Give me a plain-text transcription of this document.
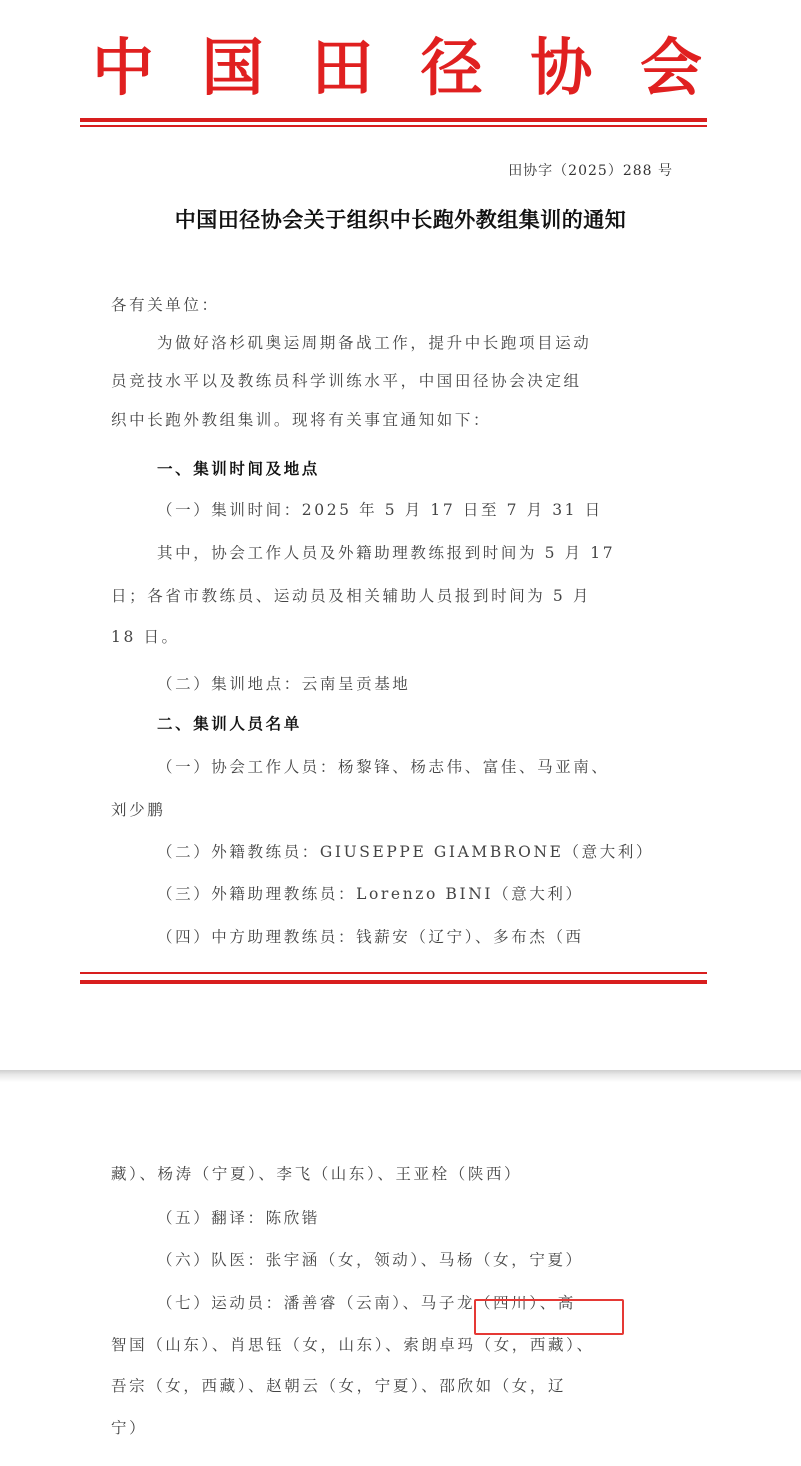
中 国 田 径 协 会
田协字（2025）288 号
中国田径协会关于组织中长跑外教组集训的通知
各有关单位：
为做好洛杉矶奥运周期备战工作，提升中长跑项目运动
员竞技水平以及教练员科学训练水平，中国田径协会决定组
织中长跑外教组集训。现将有关事宜通知如下：
一、集训时间及地点
（一）集训时间：2025 年 5 月 17 日至 7 月 31 日
其中，协会工作人员及外籍助理教练报到时间为 5 月 17
日；各省市教练员、运动员及相关辅助人员报到时间为 5 月
18 日。
（二）集训地点：云南呈贡基地
二、集训人员名单
（一）协会工作人员：杨黎锋、杨志伟、富佳、马亚南、
刘少鹏
（二）外籍教练员：GIUSEPPE GIAMBRONE（意大利）
（三）外籍助理教练员：Lorenzo BINI（意大利）
（四）中方助理教练员：钱薪安（辽宁）、多布杰（西
藏）、杨涛（宁夏）、李飞（山东）、王亚栓（陕西）
（五）翻译：陈欣锴
（六）队医：张宇涵（女，领动）、马杨（女，宁夏）
（七）运动员：潘善睿（云南）、马子龙（四川）、高
智国（山东）、肖思钰（女，山东）、索朗卓玛（女，西藏）、
吾宗（女，西藏）、赵朝云（女，宁夏）、邵欣如（女，辽
宁）
